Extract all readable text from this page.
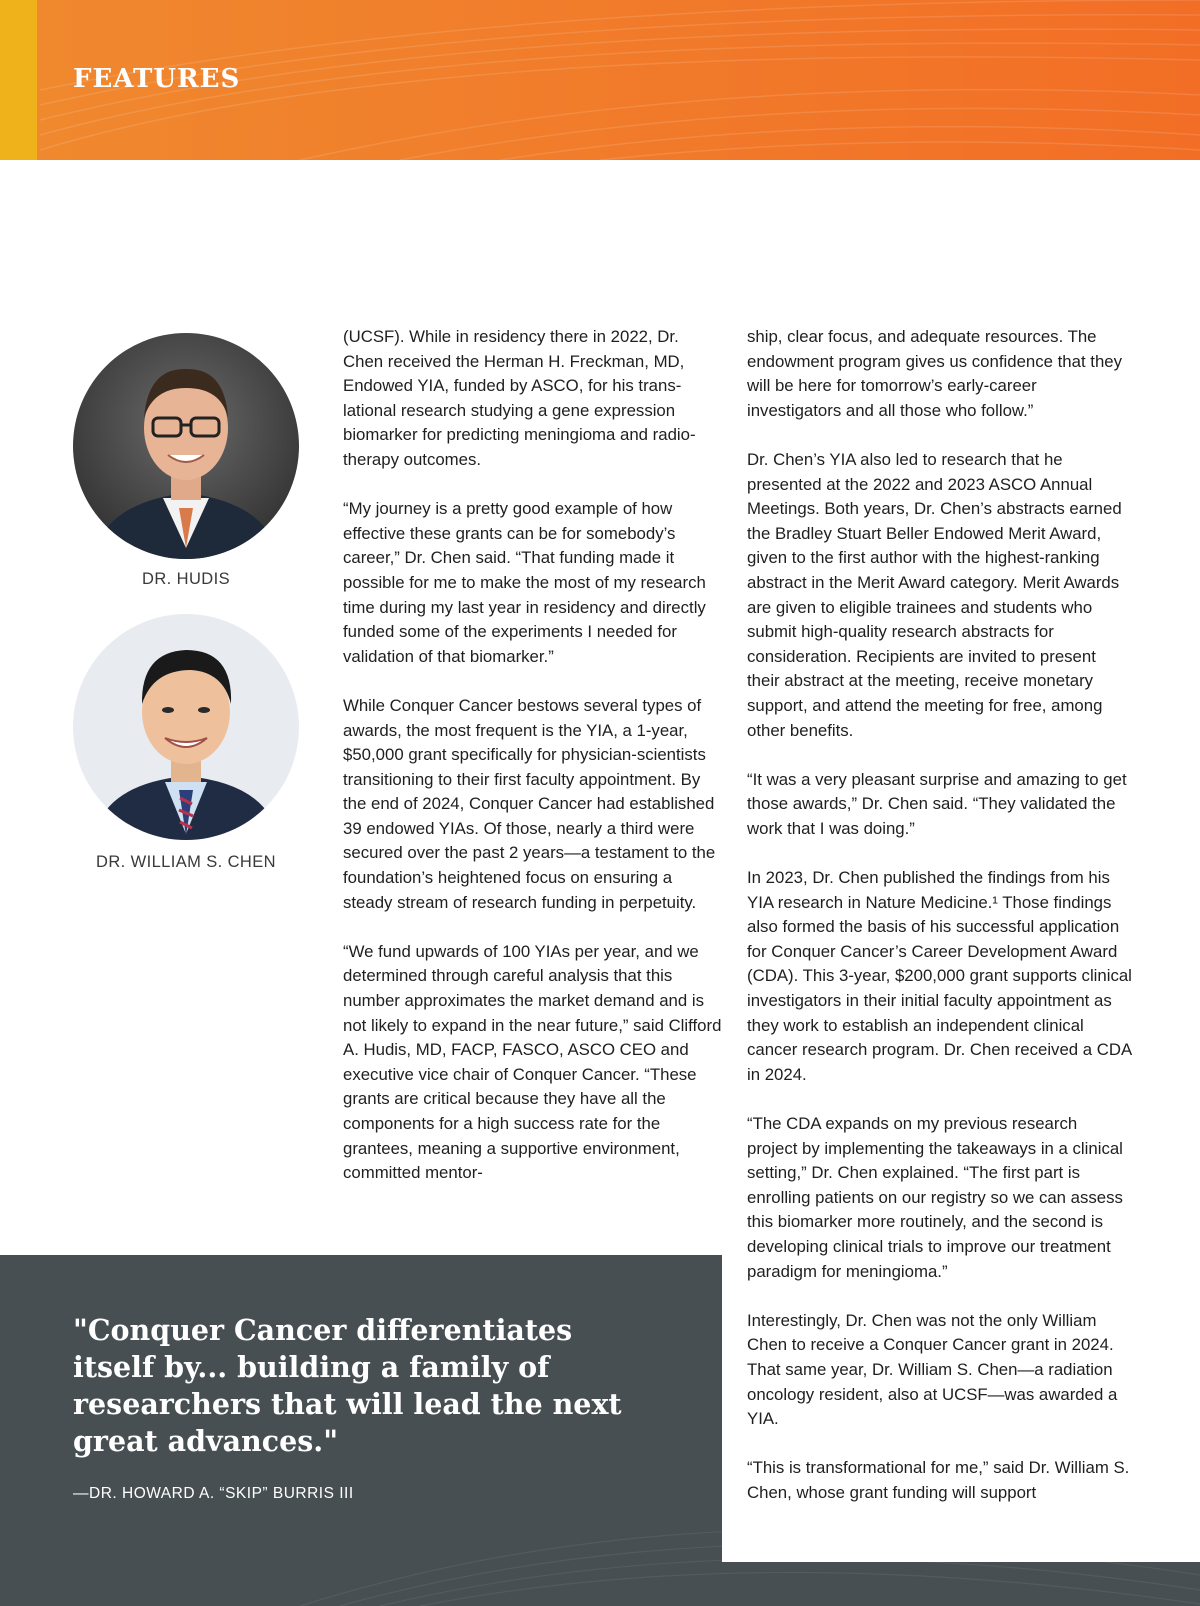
FEATURES
DR. HUDIS
DR. WILLIAM S. CHEN

(UCSF). While in residency there in 2022, Dr. Chen received the Herman H. Freckman, MD, Endowed YIA, funded by ASCO, for his translational research studying a gene expression biomarker for predicting meningioma and radiotherapy outcomes.

“My journey is a pretty good example of how effective these grants can be for somebody’s career,” Dr. Chen said. “That funding made it possible for me to make the most of my research time during my last year in residency and directly funded some of the experiments I needed for validation of that biomarker.”

While Conquer Cancer bestows several types of awards, the most frequent is the YIA, a 1-year, $50,000 grant specifically for physician-scientists transitioning to their first faculty appointment. By the end of 2024, Conquer Cancer had established 39 endowed YIAs. Of those, nearly a third were secured over the past 2 years—a testament to the foundation’s heightened focus on ensuring a steady stream of research funding in perpetuity.

“We fund upwards of 100 YIAs per year, and we determined through careful analysis that this number approximates the market demand and is not likely to expand in the near future,” said Clifford A. Hudis, MD, FACP, FASCO, ASCO CEO and executive vice chair of Conquer Cancer. “These grants are critical because they have all the components for a high success rate for the grantees, meaning a supportive environment, committed mentor-

"Conquer Cancer differentiates itself by... building a family of researchers that will lead the next great advances."
—DR. HOWARD A. “SKIP” BURRIS III

ship, clear focus, and adequate resources. The endowment program gives us confidence that they will be here for tomorrow’s early-career investigators and all those who follow.”

Dr. Chen’s YIA also led to research that he presented at the 2022 and 2023 ASCO Annual Meetings. Both years, Dr. Chen’s abstracts earned the Bradley Stuart Beller Endowed Merit Award, given to the first author with the highest-ranking abstract in the Merit Award category. Merit Awards are given to eligible trainees and students who submit high-quality research abstracts for consideration. Recipients are invited to present their abstract at the meeting, receive monetary support, and attend the meeting for free, among other benefits.

“It was a very pleasant surprise and amazing to get those awards,” Dr. Chen said. “They validated the work that I was doing.”

In 2023, Dr. Chen published the findings from his YIA research in Nature Medicine.¹ Those findings also formed the basis of his successful application for Conquer Cancer’s Career Development Award (CDA). This 3-year, $200,000 grant supports clinical investigators in their initial faculty appointment as they work to establish an independent clinical cancer research program. Dr. Chen received a CDA in 2024.

“The CDA expands on my previous research project by implementing the takeaways in a clinical setting,” Dr. Chen explained. “The first part is enrolling patients on our registry so we can assess this biomarker more routinely, and the second is developing clinical trials to improve our treatment paradigm for meningioma.”

Interestingly, Dr. Chen was not the only William Chen to receive a Conquer Cancer grant in 2024. That same year, Dr. William S. Chen—a radiation oncology resident, also at UCSF—was awarded a YIA.

“This is transformational for me,” said Dr. William S. Chen, whose grant funding will support
